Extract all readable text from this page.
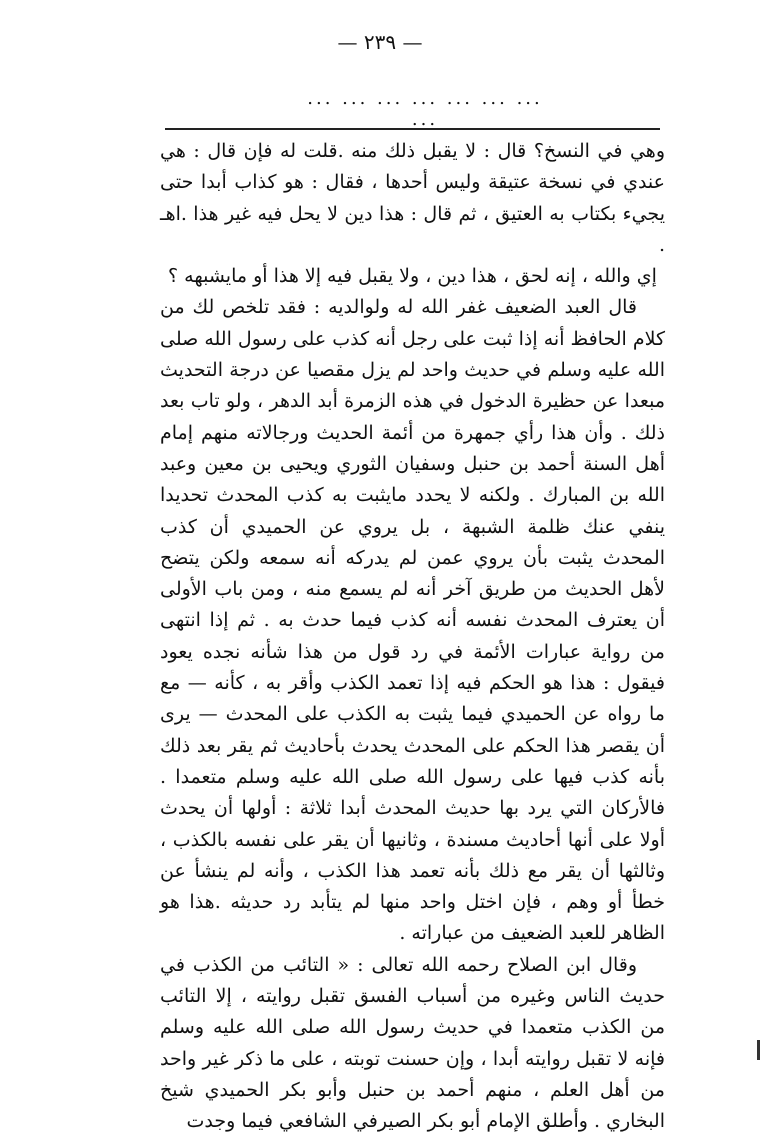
— ٢٣٩ —
... ... ... ... ... ... ... ...

وهي في النسخ؟ قال : لا يقبل ذلك منه .قلت له فإن قال : هي عندي في نسخة عتيقة وليس أحدها ، فقال : هو كذاب أبدا حتى يجيء بكتاب به العتيق ، ثم قال : هذا دين لا يحل فيه غير هذا .اهـ .

إي والله ، إنه لحق ، هذا دين ، ولا يقبل فيه إلا هذا أو مايشبهه ؟

قال العبد الضعيف غفر الله له ولوالديه : فقد تلخص لك من كلام الحافظ أنه إذا ثبت على رجل أنه كذب على رسول الله صلى الله عليه وسلم في حديث واحد لم يزل مقصيا عن درجة التحديث مبعدا عن حظيرة الدخول في هذه الزمرة أبد الدهر ، ولو تاب بعد ذلك . وأن هذا رأي جمهرة من أئمة الحديث ورجالاته منهم إمام أهل السنة أحمد بن حنبل وسفيان الثوري ويحيى بن معين وعبد الله بن المبارك . ولكنه لا يحدد مايثبت به كذب المحدث تحديدا ينفي عنك ظلمة الشبهة ، بل يروي عن الحميدي أن كذب المحدث يثبت بأن يروي عمن لم يدركه أنه سمعه ولكن يتضح لأهل الحديث من طريق آخر أنه لم يسمع منه ، ومن باب الأولى أن يعترف المحدث نفسه أنه كذب فيما حدث به . ثم إذا انتهى من رواية عبارات الأئمة في رد قول من هذا شأنه نجده يعود فيقول : هذا هو الحكم فيه إذا تعمد الكذب وأقر به ، كأنه — مع ما رواه عن الحميدي فيما يثبت به الكذب على المحدث — يرى أن يقصر هذا الحكم على المحدث يحدث بأحاديث ثم يقر بعد ذلك بأنه كذب فيها على رسول الله صلى الله عليه وسلم متعمدا . فالأركان التي يرد بها حديث المحدث أبدا ثلاثة : أولها أن يحدث أولا على أنها أحاديث مسندة ، وثانيها أن يقر على نفسه بالكذب ، وثالثها أن يقر مع ذلك بأنه تعمد هذا الكذب ، وأنه لم ينشأ عن خطأ أو وهم ، فإن اختل واحد منها لم يتأبد رد حديثه .هذا هو الظاهر للعبد الضعيف من عباراته .

وقال ابن الصلاح رحمه الله تعالى : « التائب من الكذب في حديث الناس وغيره من أسباب الفسق تقبل روايته ، إلا التائب من الكذب متعمدا في حديث رسول الله صلى الله عليه وسلم فإنه لا تقبل روايته أبدا ، وإن حسنت توبته ، على ما ذكر غير واحد من أهل العلم ، منهم أحمد بن حنبل وأبو بكر الحميدي شيخ البخاري . وأطلق الإمام أبو بكر الصيرفي الشافعي فيما وجدت
